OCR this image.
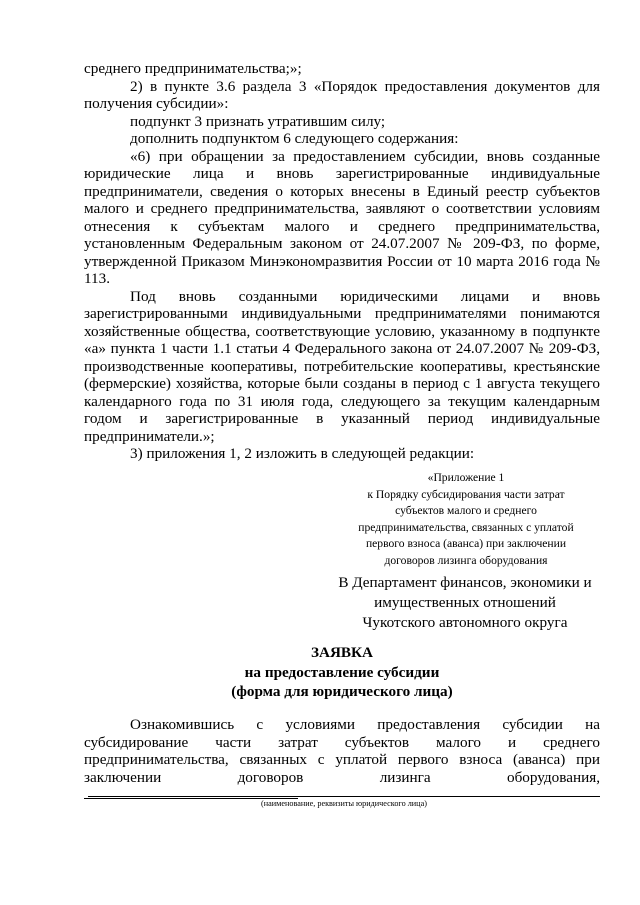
среднего предпринимательства;»;

2) в пункте 3.6 раздела 3 «Порядок предоставления документов для получения субсидии»:

подпункт 3 признать утратившим силу;

дополнить подпунктом 6 следующего содержания:

«6) при обращении за предоставлением субсидии, вновь созданные юридические лица и вновь зарегистрированные индивидуальные предприниматели, сведения о которых внесены в Единый реестр субъектов малого и среднего предпринимательства, заявляют о соответствии условиям отнесения к субъектам малого и среднего предпринимательства, установленным Федеральным законом от 24.07.2007 № 209-ФЗ, по форме, утвержденной Приказом Минэкономразвития России от 10 марта 2016 года № 113.

Под вновь созданными юридическими лицами и вновь зарегистрированными индивидуальными предпринимателями понимаются хозяйственные общества, соответствующие условию, указанному в подпункте «а» пункта 1 части 1.1 статьи 4 Федерального закона от 24.07.2007 № 209-ФЗ, производственные кооперативы, потребительские кооперативы, крестьянские (фермерские) хозяйства, которые были созданы в период с 1 августа текущего календарного года по 31 июля года, следующего за текущим календарным годом и зарегистрированные в указанный период индивидуальные предприниматели.»;

3) приложения 1, 2 изложить в следующей редакции:

«Приложение 1
к Порядку субсидирования части затрат
субъектов малого и среднего
предпринимательства, связанных с уплатой
первого взноса (аванса) при заключении
договоров лизинга оборудования
В Департамент финансов, экономики и
имущественных отношений
Чукотского автономного округа
ЗАЯВКА
на предоставление субсидии
(форма для юридического лица)

Ознакомившись с условиями предоставления субсидии на субсидирование части затрат субъектов малого и среднего предпринимательства, связанных с уплатой первого взноса (аванса) при заключении договоров лизинга оборудования,

(наименование, реквизиты юридического лица)
